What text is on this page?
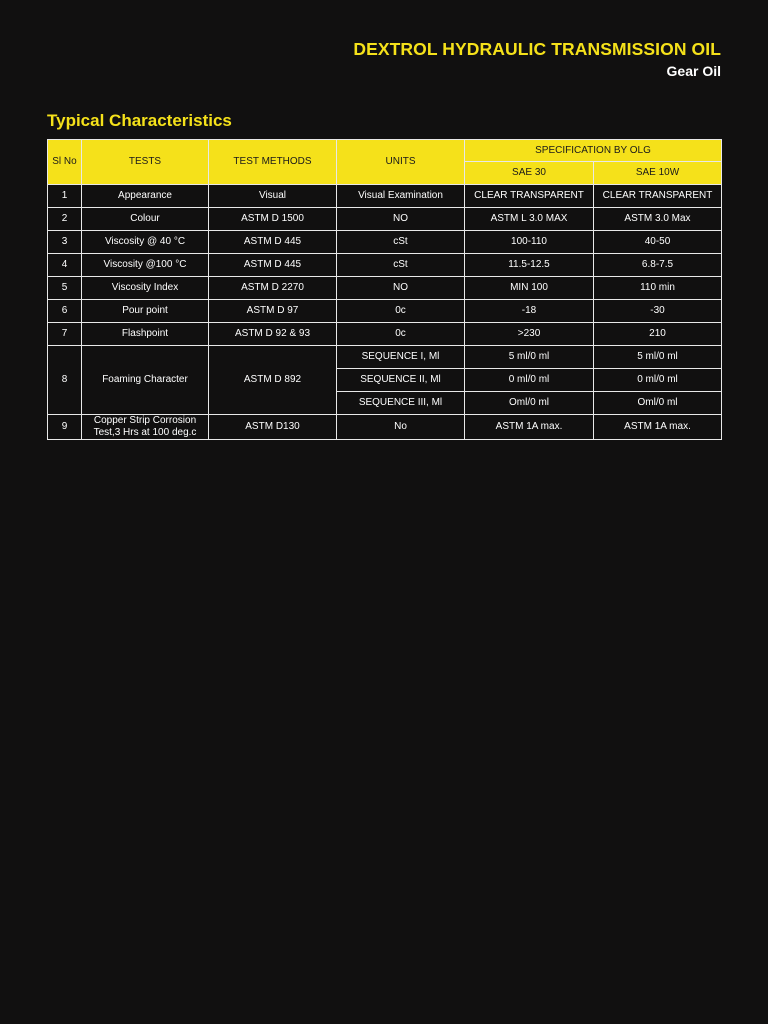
DEXTROL HYDRAULIC TRANSMISSION OIL
Gear Oil
Typical Characteristics
Sl No	TESTS	TEST METHODS	UNITS	SPECIFICATION BY OLG	
				SAE 30	SAE 10W
1	Appearance	Visual	Visual Examination	CLEAR TRANSPARENT	CLEAR TRANSPARENT
2	Colour	ASTM D 1500	NO	ASTM L 3.0 MAX	ASTM 3.0 Max
3	Viscosity @ 40 °C	ASTM D 445	cSt	100-110	40-50
4	Viscosity @100 °C	ASTM D 445	cSt	11.5-12.5	6.8-7.5
5	Viscosity Index	ASTM D 2270	NO	MIN 100	110 min
6	Pour point	ASTM D 97	0c	-18	-30
7	Flashpoint	ASTM D 92 & 93	0c	>230	210
8	Foaming Character	ASTM D 892	SEQUENCE I, Ml	5 ml/0 ml	5 ml/0 ml
			SEQUENCE II, Ml	0 ml/0 ml	0 ml/0 ml
			SEQUENCE III, Ml	Oml/0 ml	Oml/0 ml
9	Copper Strip Corrosion Test,3 Hrs at 100 deg.c	ASTM D130	No	ASTM 1A max.	ASTM 1A max.
